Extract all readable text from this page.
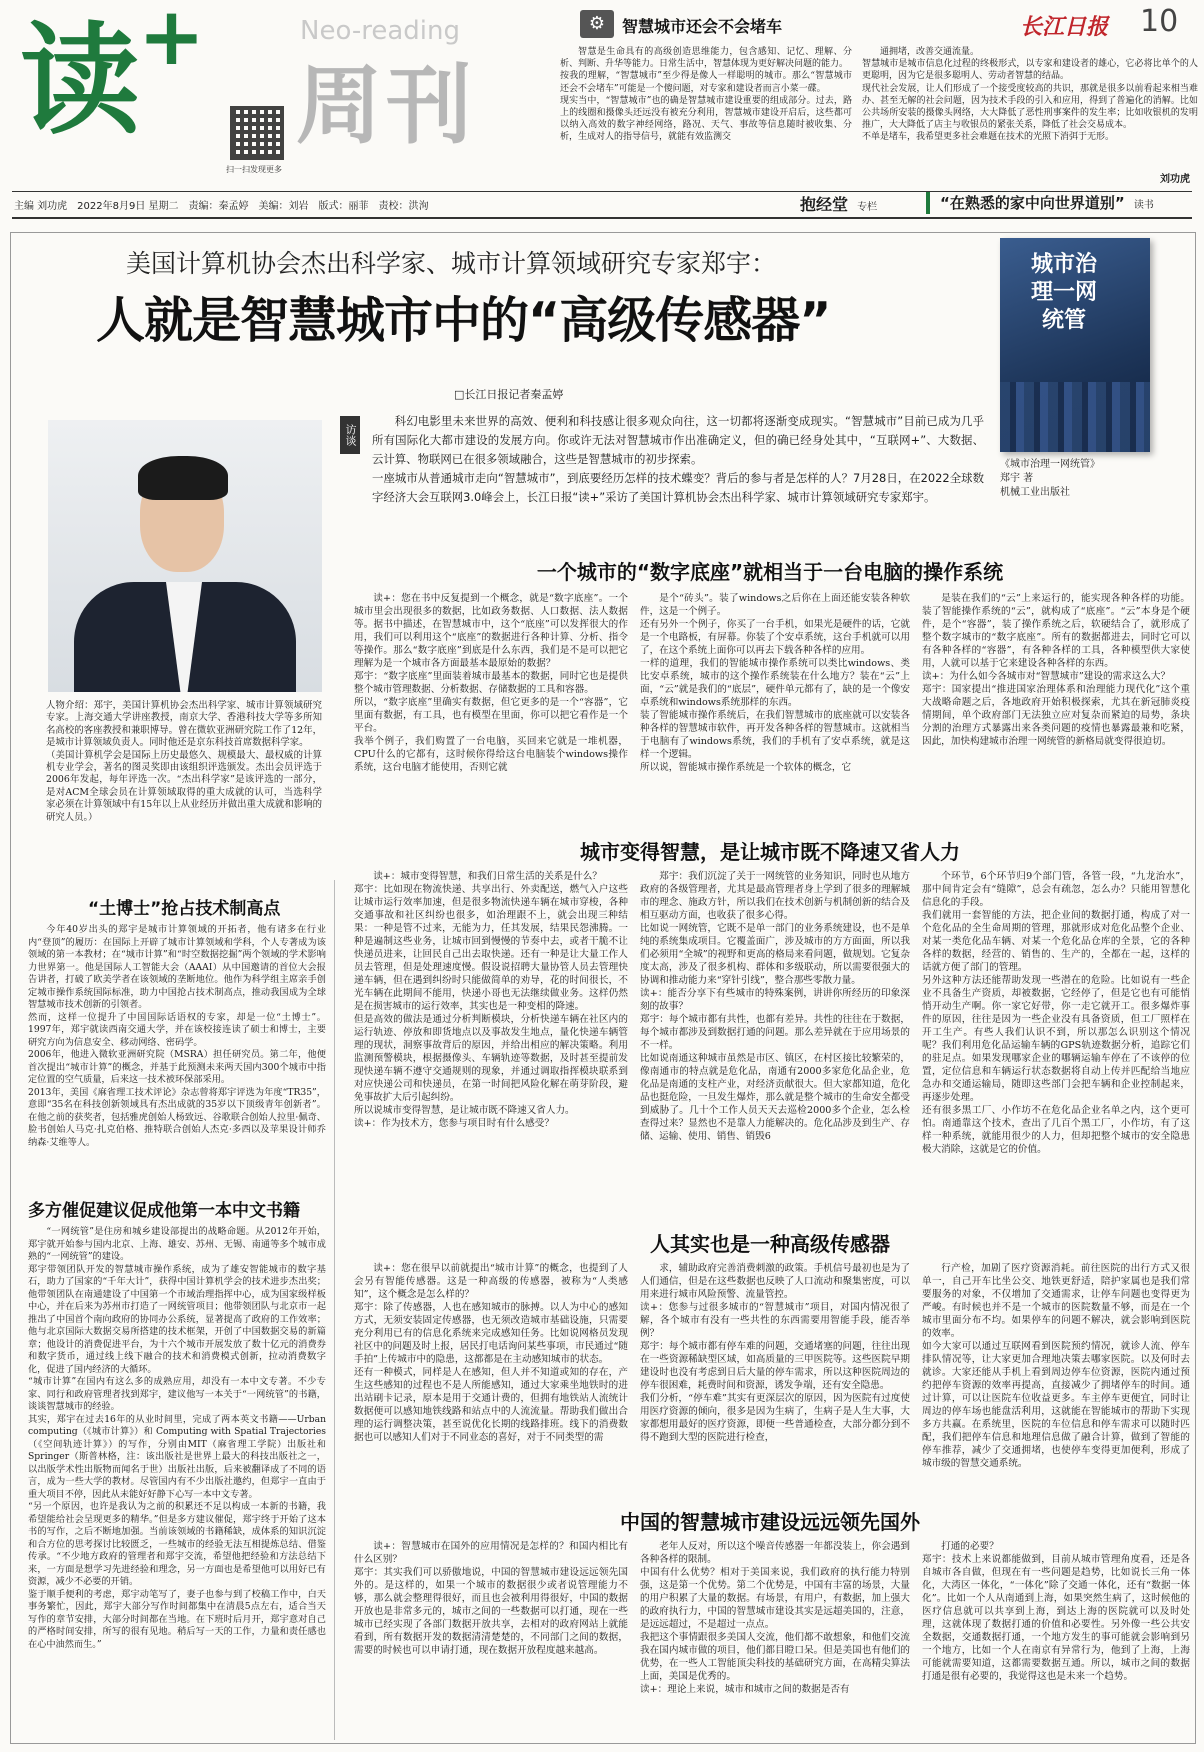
读
+	Neo-reading
周刊
扫一扫发现更多
⚙	智慧城市还会不会堵车	长江日报 10

智慧是生命具有的高级创造思维能力，包含感知、记忆、理解、分析、判断、升华等能力。日常生活中，智慧体现为更好解决问题的能力。
按我的理解，“智慧城市”至少得是像人一样聪明的城市。那么“智慧城市还会不会堵车”可能是一个傻问题，对专家和建设者而言小菜一碟。
现实当中，“智慧城市”也的确是智慧城市建设重要的组成部分。过去，路上的线圈和摄像头还远没有被充分利用，智慧城市建设开启后，这些都可以纳入高效的数字神经网络，路况、天气、事故等信息随时被收集、分析，生成对人的指导信号，就能有效监测交

通拥堵，改善交通流量。
智慧城市是城市信息化过程的终极形式，以专家和建设者的雄心，它必将比单个的人更聪明，因为它是很多聪明人、劳动者智慧的结晶。
现代社会发展，让人们形成了一个接受度较高的共识，那就是很多以前看起来相当难办、甚至无解的社会问题，因为技术手段的引入和应用，得到了普遍化的消解。比如公共场所安装的摄像头网络，大大降低了恶性刑事案件的发生率；比如收银机的发明推广，大大降低了店主与收银员的紧张关系，降低了社会交易成本。
不单是堵车，我希望更多社会难题在技术的光照下消弭于无形。

刘功虎
主编 刘功虎　2022年8月9日 星期二　责编：秦孟婷　美编：刘岩　版式：丽菲　责校：洪洵	抱经堂 专栏	“在熟悉的家中向世界道别” 读书
美国计算机协会杰出科学家、城市计算领域研究专家郑宇：
人就是智慧城市中的“高级传感器”
□长江日报记者秦孟婷
城市治理一网统管
《城市治理一网统管》
郑宇 著
机械工业出版社
访谈

科幻电影里未来世界的高效、便利和科技感让很多观众向往，这一切都将逐渐变成现实。“智慧城市”目前已成为几乎所有国际化大都市建设的发展方向。你或许无法对智慧城市作出准确定义，但的确已经身处其中，“互联网+”、大数据、云计算、物联网已在很多领域融合，这些是智慧城市的初步探索。
一座城市从普通城市走向“智慧城市”，到底要经历怎样的技术蝶变？背后的参与者是怎样的人？7月28日，在2022全球数字经济大会互联网3.0峰会上，长江日报“读+”采访了美国计算机协会杰出科学家、城市计算领域研究专家郑宇。

人物介绍：郑宇，美国计算机协会杰出科学家、城市计算领域研究专家。上海交通大学讲座教授，南京大学、香港科技大学等多所知名高校的客座教授和兼职博导。曾在微软亚洲研究院工作了12年，是城市计算领域负责人。同时他还是京东科技首席数据科学家。
（美国计算机学会是国际上历史最悠久、规模最大、最权威的计算机专业学会，著名的图灵奖即由该组织评选颁发。杰出会员评选于2006年发起，每年评选一次。“杰出科学家”是该评选的一部分，是对ACM全球会员在计算领域取得的重大成就的认可，当选科学家必须在计算领域中有15年以上从业经历并做出重大成就和影响的研究人员。）

“土博士”抢占技术制高点

今年40岁出头的郑宇是城市计算领域的开拓者，他有诸多在行业内“登顶”的履历：在国际上开辟了城市计算领域和学科，个人专著成为该领域的第一本教材；在“城市计算”和“时空数据挖掘”两个领域的学术影响力世界第一。他是国际人工智能大会（AAAI）从中国邀请的首位大会报告讲者，打破了欧美学者在该领域的垄断地位。他作为科学组主席亲手创定城市操作系统国际标准，助力中国抢占技术制高点，推动我国成为全球智慧城市技术创新的引领者。
然而，这样一位提升了中国国际话语权的专家，却是一位“土博士”。1997年，郑宇就读西南交通大学，并在该校接连读了硕士和博士，主要研究方向为信息安全、移动网络、密码学。
2006年，他进入微软亚洲研究院（MSRA）担任研究员。第二年，他便首次提出“城市计算”的概念，并基于此预测未来两天国内300个城市中指定位置的空气质量，后来这一技术被环保部采用。
2013年，美国《麻省理工技术评论》杂志曾将郑宇评选为年度“TR35”，意即“35名在科技创新领域具有杰出成就的35岁以下顶级青年创新者”。在他之前的获奖者，包括雅虎创始人杨致远、谷歌联合创始人拉里·佩奇、脸书创始人马克·扎克伯格、推特联合创始人杰克·多西以及苹果设计师乔纳森·艾维等人。

多方催促建议促成他第一本中文书籍

“一网统管”是住房和城乡建设部提出的战略命题。从2012年开始，郑宇就开始参与国内北京、上海、雄安、苏州、无锡、南通等多个城市成熟的“一网统管”的建设。
郑宇带领团队开发的智慧城市操作系统，成为了雄安智能城市的数字基石，助力了国家的“千年大计”，获得中国计算机学会的技术进步杰出奖；他带领团队在南通建设了中国第一个市域治理指挥中心，成为国家级样板中心，并在后来为苏州市打造了一网统管项目；他带领团队与北京市一起推出了中国首个南向政府的协同办公系统，显著提高了政府的工作效率；他与北京国际大数据交易所搭建的技术框架，开创了中国数据交易的新篇章；他设计的消费促进平台，为十六个城市开展发放了数十亿元的消费券和数字货币，通过线上线下融合的技术和消费模式创新，拉动消费数字化，促进了国内经济的大循环。
“城市计算”在国内有这么多的成熟应用，却没有一本中文专著。不少专家、同行和政府管理者找到郑宇，建议他写一本关于“一网统管”的书籍，谈谈智慧城市的经验。
其实，郑宇在过去16年的从业时间里，完成了两本英文书籍——Urban computing（《城市计算》）和 Computing with Spatial Trajectories（《空间轨迹计算》）的写作，分别由MIT（麻省理工学院）出版社和 Springer（斯普林格，注：该出版社是世界上最大的科技出版社之一，以出版学术性出版物而闻名于世）出版社出版，后来被翻译成了不同的语言，成为一些大学的教材。尽管国内有不少出版社邀约，但郑宇一直由于重大项目不停，因此从未能好好静下心写一本中文专著。
“另一个原因，也许是我认为之前的积累还不足以构成一本新的书籍，我希望能给社会呈现更多的精华。”但是多方建议催促，郑宇终于开始了这本书的写作，之后不断地加强。当前该领域的书籍稀缺，成体系的知识沉淀和合方位的思考探讨比较匮乏，一些城市的经验无法互相提炼总结、借鉴传承。“不少地方政府的管理者和郑宇交流，希望他把经验和方法总结下来，一方面是想学习先进经验和理念，另一方面也是希望他可以用好已有资源，减少不必要的开销。
鉴于顺手便利的考虑，郑宇动笔写了，妻子也参与到了校稿工作中，白天事务繁忙，因此，郑宇大部分写作时间都集中在清晨5点左右，适合当天写作的章节安排，大部分时间都在当地。在下班时后月开，郑宇意对自己的严格时间安排，所写的很有见地。稍后写一天的工作，力量和责任感也在心中油然而生。”

一个城市的“数字底座”就相当于一台电脑的操作系统

读+：您在书中反复提到一个概念，就是“数字底座”。一个城市里会出现很多的数据，比如政务数据、人口数据、法人数据等。据书中描述，在智慧城市中，这个“底座”可以发挥很大的作用，我们可以利用这个“底座”的数据进行各种计算、分析、指令等操作。那么“数字底座”到底是什么东西，我们是不是可以把它理解为是一个城市各方面最基本最原始的数据？
郑宇：“数字底座”里面装着城市最基本的数据，同时它也是提供整个城市管理数据、分析数据、存储数据的工具和容器。
所以，“数字底座”里确实有数据，但它更多的是一个“容器”，它里面有数据，有工具，也有模型在里面，你可以把它看作是一个平台。
我举个例子，我们购置了一台电脑，买回来它就是一堆机器，CPU什么的它都有，这时候你得给这台电脑装个windows操作系统，这台电脑才能使用，否则它就

是个“砖头”。装了windows之后你在上面还能安装各种软件，这是一个例子。
还有另外一个例子，你买了一台手机，如果光是硬件的话，它就是一个电路板，有屏幕。你装了个安卓系统，这台手机就可以用了，在这个系统上面你可以再去下载各种各样的应用。
一样的道理，我们的智能城市操作系统可以类比windows、类比安卓系统，城市的这个操作系统装在什么地方？装在“云”上面，“云”就是我们的“底层”，硬件单元都有了，缺的是一个像安卓系统和windows系统那样的东西。
装了智能城市操作系统后，在我们智慧城市的底座就可以安装各种各样的智慧城市软件，再开发各种各样的智慧城市。这就相当于电脑有了windows系统，我们的手机有了安卓系统，就是这样一个逻辑。
所以说，智能城市操作系统是一个软体的概念，它

是装在我们的“云”上来运行的，能实现各种各样的功能。装了智能操作系统的“云”，就构成了“底座”。“云”本身是个硬件，是个“容器”，装了操作系统之后，软硬结合了，就形成了整个数字城市的“数字底座”。所有的数据都进去，同时它可以有各种各样的“容器”，有各种各样的工具，各种模型供大家使用，人就可以基于它来建设各种各样的东西。
读+：为什么如今各城市对“智慧城市”建设的需求这么大？
郑宇：国家提出“推进国家治理体系和治理能力现代化”这个重大战略命题之后，各地政府开始积极探索，尤其在新冠肺炎疫情期间，单个政府部门无法独立应对复杂而紧迫的局势，条块分割的治理方式暴露出来各类问题的疫情也暴露最兼和吃紧，因此，加快构建城市治理一网统管的新格局就变得很迫切。

城市变得智慧，是让城市既不降速又省人力

读+：城市变得智慧，和我们日常生活的关系是什么？
郑宇：比如现在物流快递、共享出行、外卖配送，燃气入户这些让城市运行效率加速，但是很多物流快递车辆在城市穿梭，各种交通事故和社区纠纷也很多，如治理跟不上，就会出现三种结果：一种是管不过来，无能为力，任其发展，结果民怨沸腾。一种是遍制这些业务，让城市回到慢慢的节奏中去，或者干脆不让快递员进来，让回民自己出去取快递。还有一种是让大量工作人员去管理，但是处理速度慢。假设说招聘大量协管人员去管理快递车辆，但在遇到纠纷时只能做简单的劝导，花的时间很长，不光车辆在此期间不能用，快递小哥也无法继续做业务。这样仍然是在损害城市的运行效率，其实也是一种变相的降速。
但是高效的做法是通过分析判断模块，分析快递车辆在社区内的运行轨迹、停放和即货地点以及事故发生地点，量化快递车辆管理的现状，洞察事故背后的原因，并给出相应的解决策略。利用监测预警模块，根据摄像头、车辆轨迹等数据，及时甚至提前发现快递车辆不遵守交通规则的现象，并通过调取指挥模块联系到对应快递公司和快递员，在第一时间把风险化解在萌芽阶段，避免事故扩大后引起纠纷。
所以说城市变得智慧，是让城市既不降速又省人力。
读+：作为技术方，您参与项目时有什么感受？

郑宇：我们沉淀了关于一网统管的业务知识，同时也从地方政府的各级管理者，尤其是最高管理者身上学到了很多的理解城市的理念、施政方针，所以我们在技术创新与机制创新的结合及相互驱动方面，也收获了很多心得。
比如说一网统管，它既不是单一部门的业务系统建设，也不是单纯的系统集成项目。它覆盖面广，涉及城市的方方面面，所以我们必须用“全城”的视野和更高的格局来看问题，做规划。它复杂度太高，涉及了很多机构、群体和多级联动，所以需要很强大的协调和推动能力来“穿针引线”，整合那些零散力量。
读+：能否分享下有些城市的特殊案例，讲讲你所经历的印象深刻的故事？
郑宇：每个城市都有共性，也都有差异。共性的往往在于数据，每个城市都涉及到数据打通的问题。那么差异就在于应用场景的不一样。
比如说南通这种城市虽然是市区、镇区，在村区接比较繁荣的，像南通市的特点就是危化品，南通有2000多家危化品企业，危化品是南通的支柱产业，对经济贡献很大。但大家都知道，危化品也挺危险，一旦发生爆炸，那么就是整个城市的生命安全都受到威胁了。几十个工作人员天天去巡检2000多个企业，怎么检查得过来？显然也不是靠人力能解决的。危化品涉及到生产、存储、运输、使用、销售、销毁6

个环节，6个环节归9个部门管，各管一段，“九龙治水”，那中间肯定会有“缝隙”，总会有疏忽，怎么办？只能用智慧化信息化的手段。
我们就用一套智能的方法，把企业间的数据打通，构成了对一个危化品的全生命周期的管理，那就形成对危化品整个企业、对某一类危化品车辆、对某一个危化品仓库的全景，它的各种各样的数据，经营的、销售的、生产的，全都在一起，这样的话就方便了部门的管理。
另外这种方法还能帮助发现一些潜在的危险。比如说有一些企业不具备生产资质，却被数据，它经停了，但是它也有可能悄悄开动生产啊。你一家它好带，你一走它就开工。很多爆炸事件的原因，往往是因为一些企业没有具备资质，但工厂照样在开工生产。有些人我们认识不到，所以那怎么识别这个情况呢？我们利用危化品运输车辆的GPS轨迹数据分析，追踪它们的驻足点。如果发现哪家企业的哪辆运输车停在了不该停的位置，定位信息和车辆运行状态数据将自动上传并匹配给当地应急办和交通运输局，随即这些部门会把车辆和企业控制起来，再逐步处理。
还有很多黑工厂、小作坊不在危化品企业名单之内，这个更可怕。南通靠这个技术，查出了几百个黑工厂，小作坊，有了这样一种系统，就能用很少的人力，但却把整个城市的安全隐患极大消除，这就是它的价值。

人其实也是一种高级传感器

读+：您在很早以前就提出“城市计算”的概念，也提到了人会另有智能传感器。这是一种高级的传感器，被称为“人类感知”，这个概念是怎么样的？
郑宇：除了传感器，人也在感知城市的脉搏。以人为中心的感知方式，无须安装固定传感器，也无须改造城市基础设施，只需要充分利用已有的信息化系统来完成感知任务。比如说网格员发现社区中的问题及时上报，居民打电话询问某些事项，市民通过“随手拍”上传城市中的隐患，这都都是在主动感知城市的状态。
还有一种模式，同样是人在感知，但人并不知道或知的存在，产生这些感知的过程也不是人所能感知，通过大家乘坐地铁时的进出站刷卡记录，原本是用于交通计费的，但拥有地铁站人流统计数据便可以感知地铁线路和站点中的人流流量。帮助我们做出合理的运行调整决策，甚至说优化长期的线路排班。线下的消费数据也可以感知人们对于不同业态的喜好，对于不同类型的需

求，辅助政府完善消费刺激的政策。手机信号最初也是为了人们通信，但是在这些数据也反映了人口流动和聚集密度，可以用来进行城市风险预警、流量管控。
读+：您参与过很多城市的“智慧城市”项目，对国内情况很了解，各个城市有没有一些共性的东西需要用智能手段，能否举例？
郑宇：每个城市都有停车难的问题，交通堵塞的问题，往往出现在一些资源稀缺型区域，如高质量的三甲医院等。这些医院早期建设时也没有考虑到日后大量的停车需求，所以这种医院周边的停车很困难，耗费时间和资源，诱发争端，还有安全隐患。
我们分析，“停车难”其实有更深层次的原因，因为医院有过度使用医疗资源的倾向，很多是因为生病了，生病子是人生大事，大家都想用最好的医疗资源，即便一些普通检查，大部分都分到不得不跑到大型的医院进行检查，

行产检，加剧了医疗资源消耗。前往医院的出行方式又很单一，自己开车比坐公交、地铁更舒适，陪护家属也是我们常要服务的对象，不仅增加了交通需求，让停车问题也变得更为严峻。有时候也并不是一个城市的医院数量不够，而是在一个城市里面分布不均。如果停车的问题不解决，就会影响到医院的效率。
如今大家可以通过互联网看到医院预约情况，就诊人流、停车排队情况等，让大家更加合理地决策去哪家医院。以及何时去就诊。大家还能从手机上看到周边停车位资源，医院内通过预约把停车资源的效率再提高，直接减少了拥堵停车的时间。通过计算，可以让医院车位收益更多。车主停车更便宜，同时让周边的停车场也能盘活利用，这就能在智能城市的帮助下实现多方共赢。在系统里，医院的车位信息和停车需求可以随时匹配，我们把停车信息和地理信息做了融合计算，做到了智能的停车推荐，减少了交通拥堵，也使停车变得更加便利，形成了城市级的智慧交通系统。

中国的智慧城市建设远远领先国外

读+：智慧城市在国外的应用情况是怎样的？和国内相比有什么区别？
郑宇：其实我们可以骄傲地说，中国的智慧城市建设远远领先国外的。是这样的，如果一个城市的数据很少或者说管理能力不够，那么就会整理得很好，而且也会被利用得很好，中国的数据开放也是非常多元的，城市之间的一些数据可以打通，现在一些城市已经实现了各部门数据开放共享，去相对的政府网站上就能看到，所有数据开发的数据清清楚楚的，不同部门之间的数据，需要的时候也可以申请打通，现在数据开放程度越来越高。

老年人反对，所以这个噪音传感器一年都没装上，你会遇到各种各样的限制。
中国有什么优势？相对于美国来说，我们政府的执行能力特别强，这是第一个优势。第二个优势是，中国有丰富的场景，大量的用户积累了大量的数据。有场景，有用户，有数据，加上强大的政府执行力，中国的智慧城市建设其实是远超美国的，注意，是远远超过，不是超过一点点。
我把这个事情跟很多美国人交流，他们都不敢想象，和他们交流我在国内城市做的项目，他们都目瞪口呆。但是美国也有他们的优势，在一些人工智能顶尖科技的基础研究方面，在高精尖算法上面，美国是优秀的。
读+：理论上来说，城市和城市之间的数据是否有

打通的必要？
郑宇：技术上来说都能做到，目前从城市管理角度看，还是各自城市各自做，但现在有一些问题是趋势，比如说长三角一体化，大湾区一体化，“一体化”除了交通一体化，还有“数据一体化”。比如一个人从南通到上海，如果突然生病了，这时候他的医疗信息就可以共享到上海，到达上海的医院就可以及时处理，这就体现了数据打通的价值和必要性。另外像一些公共安全数据，交通数据打通，一个地方发生的事可能就会影响到另一个地方，比如一个人在南京有异常行为，他到了上海，上海可能就需要知道，这都需要数据互通。所以，城市之间的数据打通是很有必要的，我觉得这也是未来一个趋势。
